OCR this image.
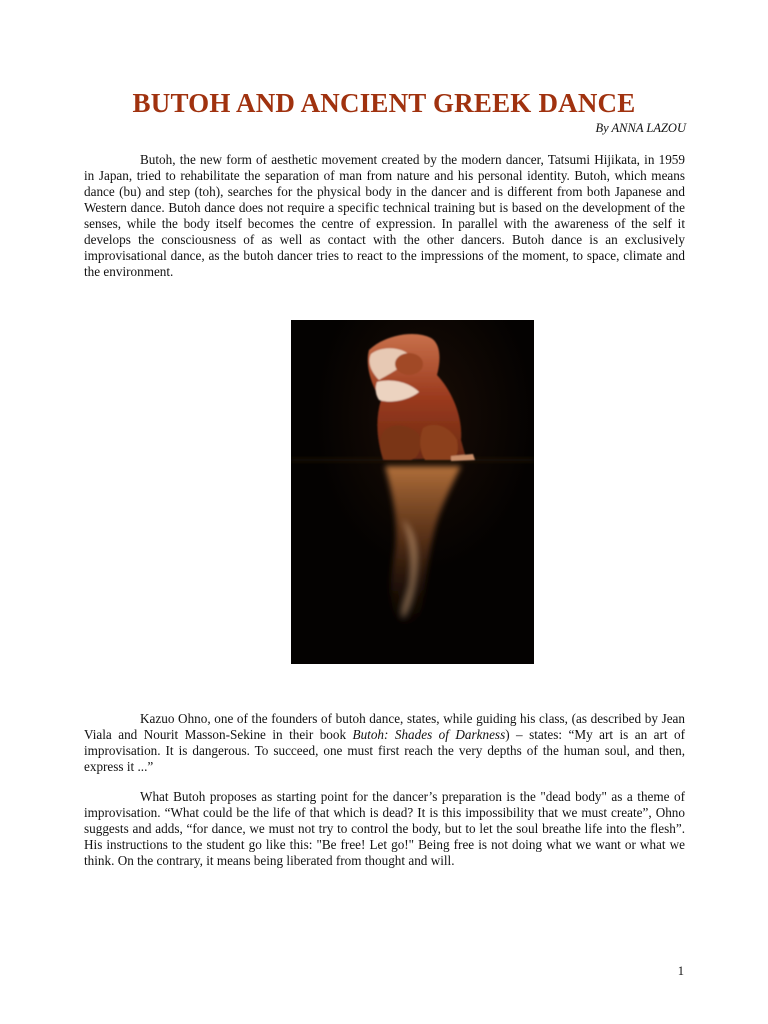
BUTOH AND ANCIENT GREEK DANCE

By ANNA LAZOU

Butoh, the new form of aesthetic movement created by the modern dancer, Tatsumi Hijikata, in 1959 in Japan, tried to rehabilitate the separation of man from nature and his personal identity. Butoh, which means dance (bu) and step (toh), searches for the physical body in the dancer and is different from both Japanese and Western dance. Butoh dance does not require a specific technical training but is based on the development of the senses, while the body itself becomes the centre of expression. In parallel with the awareness of the self it develops the consciousness of as well as contact with the other dancers. Butoh dance is an exclusively improvisational dance, as the butoh dancer tries to react to the impressions of the moment, to space, climate and the environment.

Kazuo Ohno, one of the founders of butoh dance, states, while guiding his class, (as described by Jean Viala and Nourit Masson-Sekine in their book Butoh: Shades of Darkness) – states: “My art is an art of improvisation. It is dangerous. To succeed, one must first reach the very depths of the human soul, and then, express it ...”

What Butoh proposes as starting point for the dancer’s preparation is the "dead body" as a theme of improvisation. “What could be the life of that which is dead? It is this impossibility that we must create”, Ohno suggests and adds, “for dance, we must not try to control the body, but to let the soul breathe life into the flesh”. His instructions to the student go like this: "Be free! Let go!" Being free is not doing what we want or what we think. On the contrary, it means being liberated from thought and will.

1
